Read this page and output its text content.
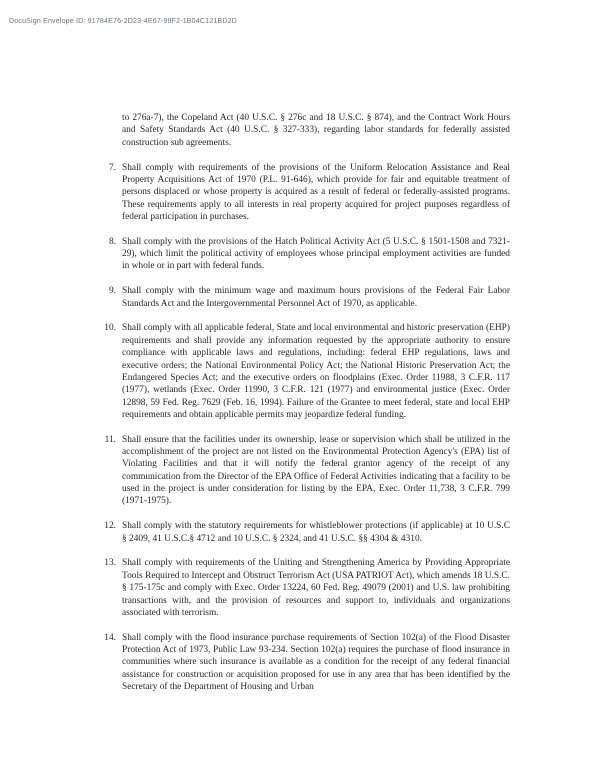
DocuSign Envelope ID: 91784E76-2D23-4E67-99F2-1B04C121BD2D

to 276a-7), the Copeland Act (40 U.S.C. § 276c and 18 U.S.C. § 874), and the Contract Work Hours and Safety Standards Act (40 U.S.C. § 327-333), regarding labor standards for federally assisted construction sub agreements.

7. Shall comply with requirements of the provisions of the Uniform Relocation Assistance and Real Property Acquisitions Act of 1970 (P.L. 91-646), which provide for fair and equitable treatment of persons displaced or whose property is acquired as a result of federal or federally-assisted programs. These requirements apply to all interests in real property acquired for project purposes regardless of federal participation in purchases.
8. Shall comply with the provisions of the Hatch Political Activity Act (5 U.S.C. § 1501-1508 and 7321-29), which limit the political activity of employees whose principal employment activities are funded in whole or in part with federal funds.
9. Shall comply with the minimum wage and maximum hours provisions of the Federal Fair Labor Standards Act and the Intergovernmental Personnel Act of 1970, as applicable.
10. Shall comply with all applicable federal, State and local environmental and historic preservation (EHP) requirements and shall provide any information requested by the appropriate authority to ensure compliance with applicable laws and regulations, including: federal EHP regulations, laws and executive orders; the National Environmental Policy Act; the National Historic Preservation Act; the Endangered Species Act; and the executive orders on floodplains (Exec. Order 11988, 3 C.F.R. 117 (1977), wetlands (Exec. Order 11990, 3 C.F.R. 121 (1977) and environmental justice (Exec. Order 12898, 59 Fed. Reg. 7629 (Feb. 16, 1994). Failure of the Grantee to meet federal, state and local EHP requirements and obtain applicable permits may jeopardize federal funding.
11. Shall ensure that the facilities under its ownership, lease or supervision which shall be utilized in the accomplishment of the project are not listed on the Environmental Protection Agency's (EPA) list of Violating Facilities and that it will notify the federal grantor agency of the receipt of any communication from the Director of the EPA Office of Federal Activities indicating that a facility to be used in the project is under consideration for listing by the EPA, Exec. Order 11,738, 3 C.F.R. 799 (1971-1975).
12. Shall comply with the statutory requirements for whistleblower protections (if applicable) at 10 U.S.C § 2409, 41 U.S.C.§ 4712 and 10 U.S.C. § 2324, and 41 U.S.C. §§ 4304 & 4310.
13. Shall comply with requirements of the Uniting and Strengthening America by Providing Appropriate Tools Required to Intercept and Obstruct Terrorism Act (USA PATRIOT Act), which amends 18 U.S.C. § 175-175c and comply with Exec. Order 13224, 60 Fed. Reg. 49079 (2001) and U.S. law prohibiting transactions with, and the provision of resources and support to, individuals and organizations associated with terrorism.
14. Shall comply with the flood insurance purchase requirements of Section 102(a) of the Flood Disaster Protection Act of 1973, Public Law 93-234. Section 102(a) requires the purchase of flood insurance in communities where such insurance is available as a condition for the receipt of any federal financial assistance for construction or acquisition proposed for use in any area that has been identified by the Secretary of the Department of Housing and Urban
